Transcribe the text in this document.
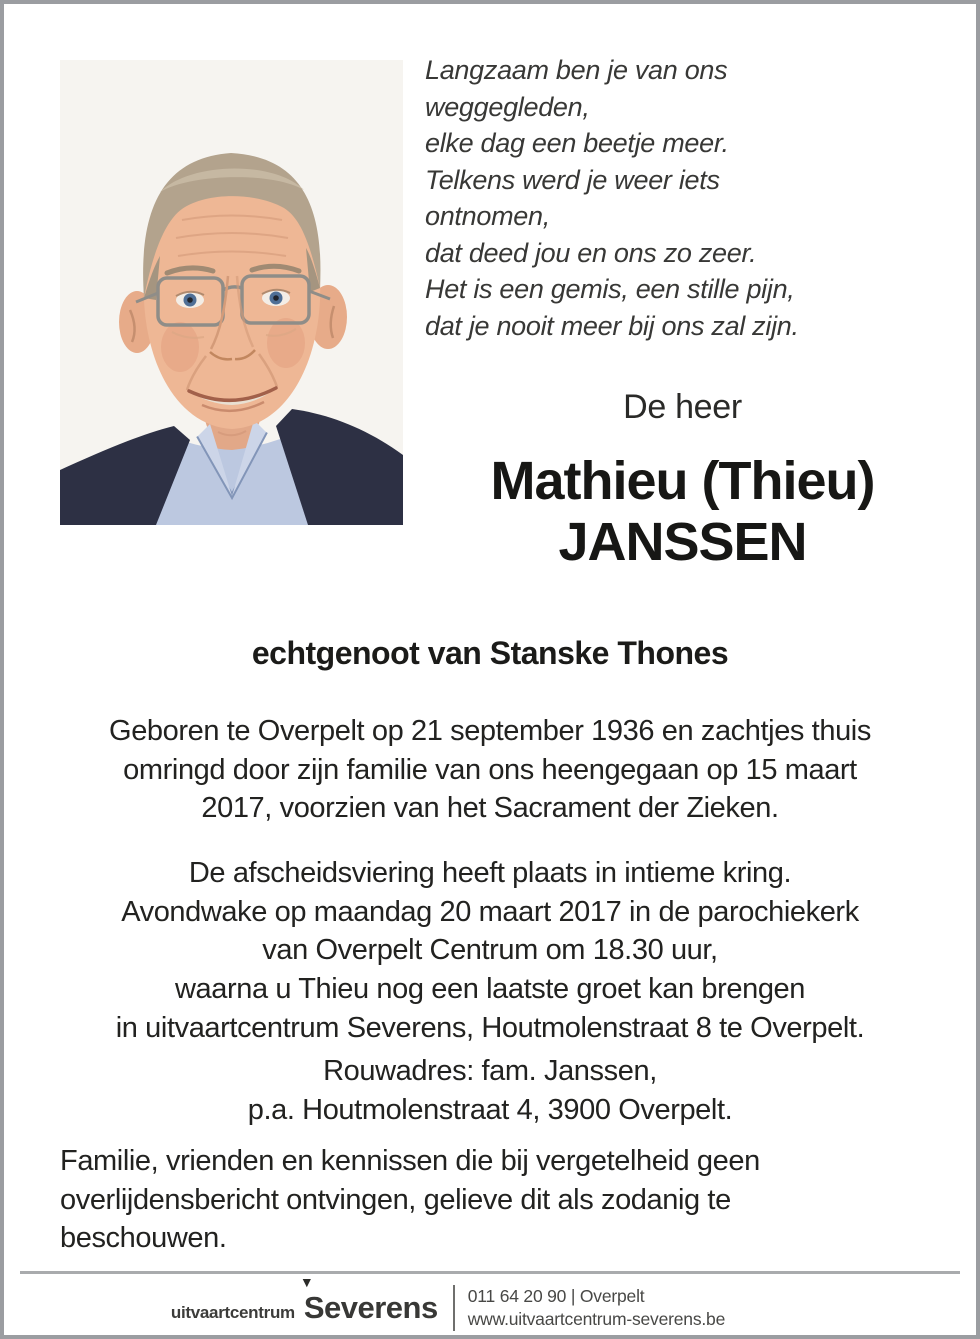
Langzaam ben je van ons
weggegleden,
elke dag een beetje meer.
Telkens werd je weer iets
ontnomen,
dat deed jou en ons zo zeer.
Het is een gemis, een stille pijn,
dat je nooit meer bij ons zal zijn.
De heer
Mathieu (Thieu)
JANSSEN
echtgenoot van Stanske Thones
Geboren te Overpelt op 21 september 1936 en zachtjes thuis
omringd door zijn familie van ons heengegaan op 15 maart
2017, voorzien van het Sacrament der Zieken.
De afscheidsviering heeft plaats in intieme kring.
Avondwake op maandag 20 maart 2017 in de parochiekerk
van Overpelt Centrum om 18.30 uur,
waarna u Thieu nog een laatste groet kan brengen
in uitvaartcentrum Severens, Houtmolenstraat 8 te Overpelt.
Rouwadres: fam. Janssen,
p.a. Houtmolenstraat 4, 3900 Overpelt.
Familie, vrienden en kennissen die bij vergetelheid geen
overlijdensbericht ontvingen, gelieve dit als zodanig te
beschouwen.
uitvaartcentrum
▼
Severens 011 64 20 90 | Overpelt
www.uitvaartcentrum-severens.be
